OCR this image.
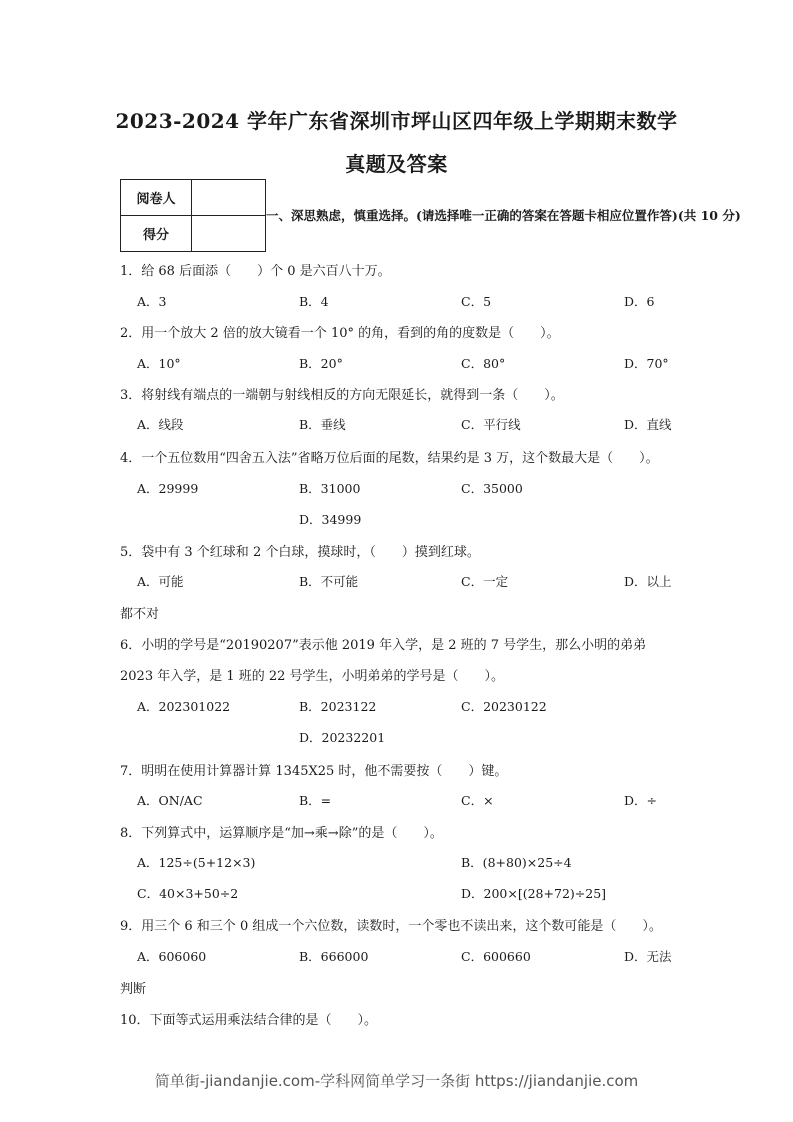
2023-2024 学年广东省深圳市坪山区四年级上学期期末数学
真题及答案
阅卷人	
得分	
一、深思熟虑，慎重选择。(请选择唯一正确的答案在答题卡相应位置作答)(共 10 分)
1．给 68 后面添（　　）个 0 是六百八十万。
A．3	B．4	C．5	D．6
2．用一个放大 2 倍的放大镜看一个 10° 的角，看到的角的度数是（　　）。
A．10°	B．20°	C．80°	D．70°
3．将射线有端点的一端朝与射线相反的方向无限延长，就得到一条（　　）。
A．线段	B．垂线	C．平行线	D．直线
4．一个五位数用“四舍五入法”省略万位后面的尾数，结果约是 3 万，这个数最大是（　　）。
A．29999	B．31000	C．35000
D．34999
5．袋中有 3 个红球和 2 个白球，摸球时，（　　）摸到红球。
A．可能	B．不可能	C．一定	D．以上
都不对
6．小明的学号是“20190207”表示他 2019 年入学，是 2 班的 7 号学生，那么小明的弟弟
2023 年入学，是 1 班的 22 号学生，小明弟弟的学号是（　　）。
A．202301022	B．2023122	C．20230122
D．20232201
7．明明在使用计算器计算 1345X25 时，他不需要按（　　）键。
A．ON/AC	B．=	C．×	D．÷
8．下列算式中，运算顺序是“加→乘→除”的是（　　）。
A．125÷(5+12×3)	B．(8+80)×25÷4
C．40×3+50÷2	D．200×[(28+72)÷25]
9．用三个 6 和三个 0 组成一个六位数，读数时，一个零也不读出来，这个数可能是（　　）。
A．606060	B．666000	C．600660	D．无法
判断
10．下面等式运用乘法结合律的是（　　）。
简单街-jiandanjie.com-学科网简单学习一条街 https://jiandanjie.com
